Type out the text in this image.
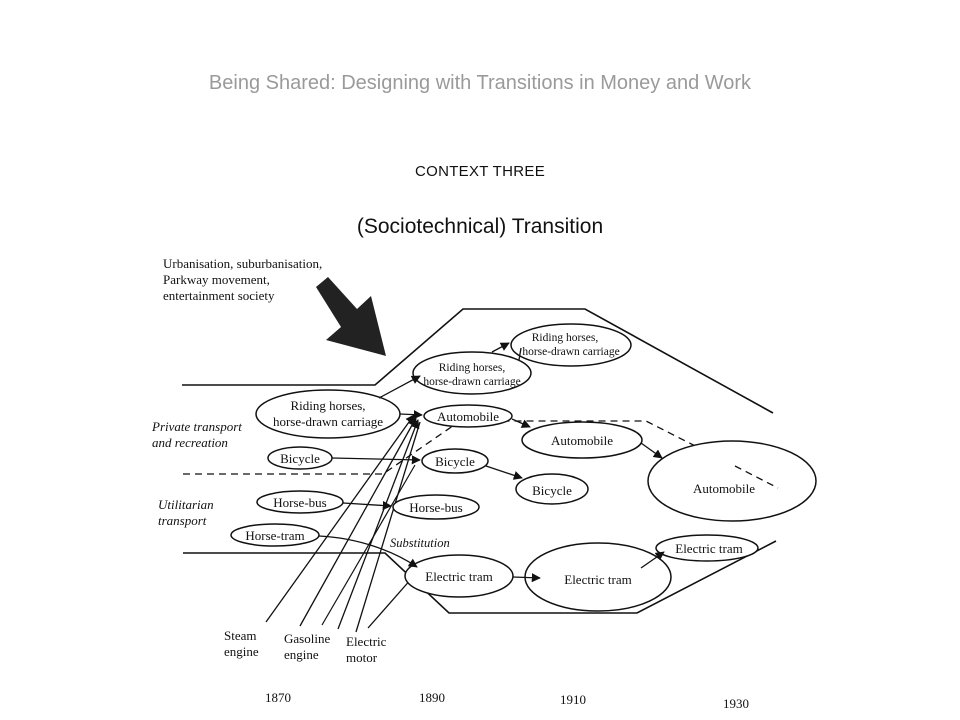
Being Shared: Designing with Transitions in Money and Work
CONTEXT THREE
(Sociotechnical) Transition
Urbanisation, suburbanisation,
Parkway movement,
entertainment society
Private transport
and recreation
Utilitarian
transport
Substitution
Riding horses,
horse-drawn carriage
Bicycle
Horse-bus
Horse-tram
Riding horses,
horse-drawn carriage
Automobile
Bicycle
Horse-bus
Electric tram
Riding horses,
horse-drawn carriage
Automobile
Bicycle
Electric tram
Automobile
Electric tram
Steam
engine
Gasoline
engine
Electric
motor
1870	1890	1910	1930
